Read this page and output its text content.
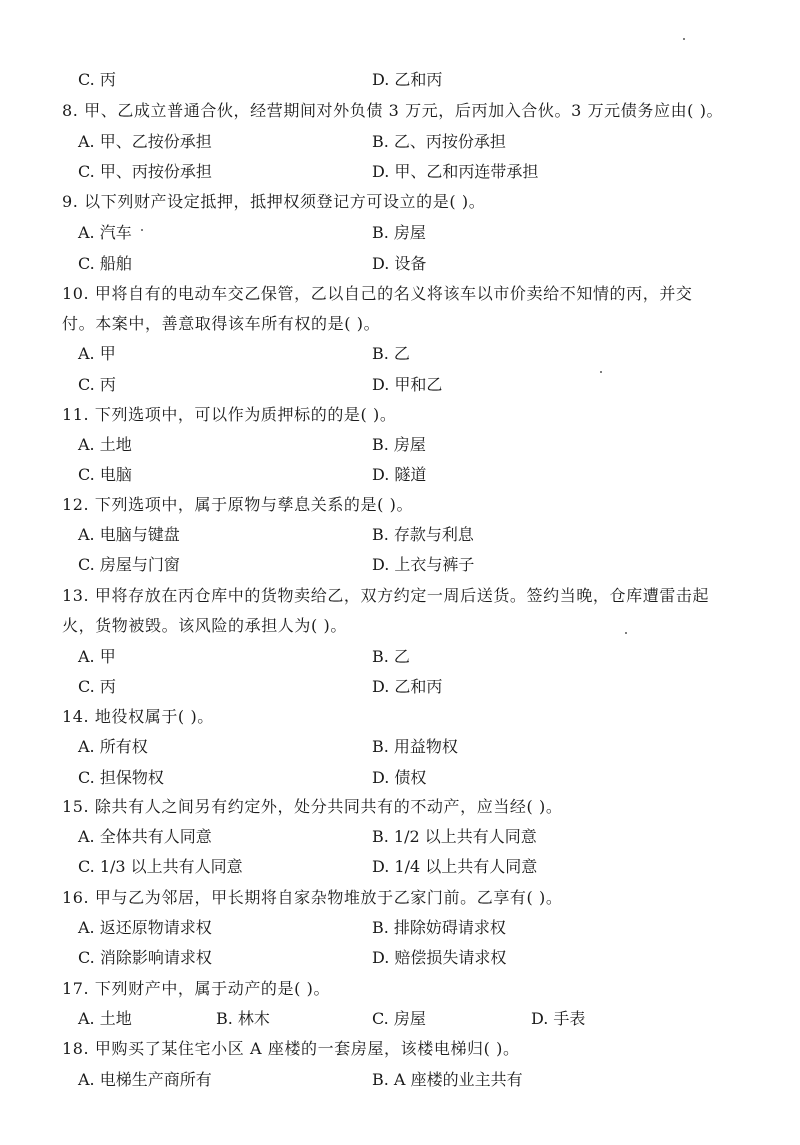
C. 丙	D. 乙和丙
8. 甲、乙成立普通合伙，经营期间对外负债 3 万元，后丙加入合伙。3 万元债务应由( )。
A. 甲、乙按份承担	B. 乙、丙按份承担
C. 甲、丙按份承担	D. 甲、乙和丙连带承担
9. 以下列财产设定抵押，抵押权须登记方可设立的是( )。
A. 汽车	B. 房屋
C. 船舶	D. 设备
10. 甲将自有的电动车交乙保管，乙以自己的名义将该车以市价卖给不知情的丙，并交
付。本案中，善意取得该车所有权的是( )。
A. 甲	B. 乙
C. 丙	D. 甲和乙
11. 下列选项中，可以作为质押标的的是( )。
A. 土地	B. 房屋
C. 电脑	D. 隧道
12. 下列选项中，属于原物与孳息关系的是( )。
A. 电脑与键盘	B. 存款与利息
C. 房屋与门窗	D. 上衣与裤子
13. 甲将存放在丙仓库中的货物卖给乙，双方约定一周后送货。签约当晚，仓库遭雷击起
火，货物被毁。该风险的承担人为( )。
A. 甲	B. 乙
C. 丙	D. 乙和丙
14. 地役权属于( )。
A. 所有权	B. 用益物权
C. 担保物权	D. 债权
15. 除共有人之间另有约定外，处分共同共有的不动产，应当经( )。
A. 全体共有人同意	B. 1/2 以上共有人同意
C. 1/3 以上共有人同意	D. 1/4 以上共有人同意
16. 甲与乙为邻居，甲长期将自家杂物堆放于乙家门前。乙享有( )。
A. 返还原物请求权	B. 排除妨碍请求权
C. 消除影响请求权	D. 赔偿损失请求权
17. 下列财产中，属于动产的是( )。
A. 土地	B. 林木	C. 房屋	D. 手表
18. 甲购买了某住宅小区 A 座楼的一套房屋，该楼电梯归( )。
A. 电梯生产商所有	B. A 座楼的业主共有
